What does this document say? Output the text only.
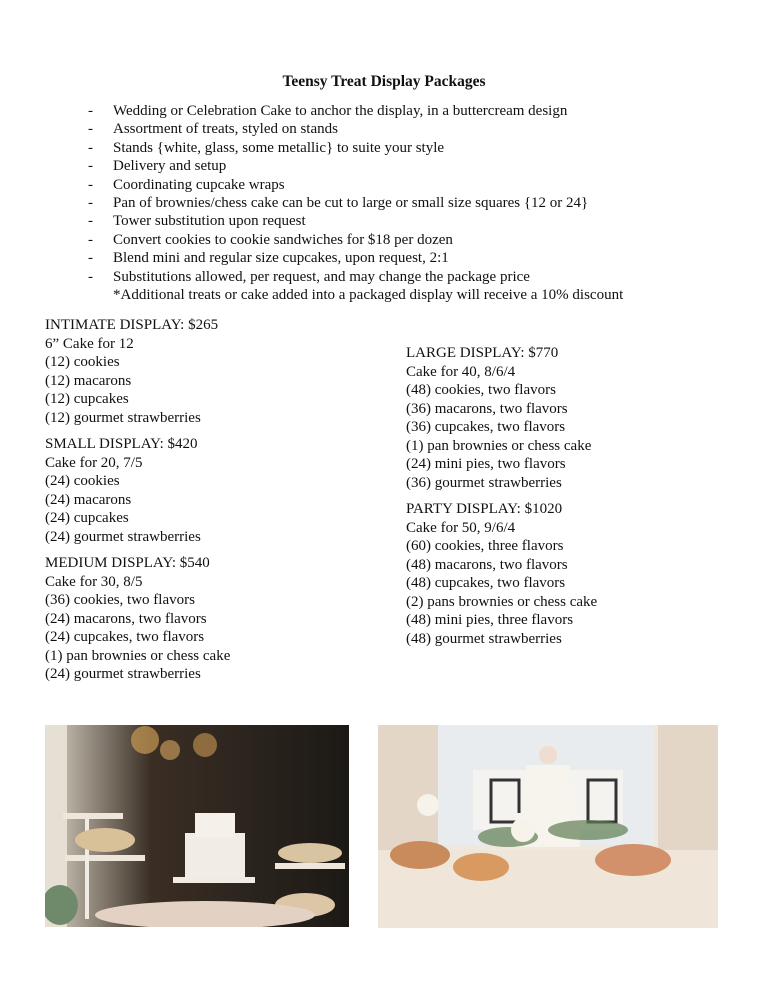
Teensy Treat Display Packages
- Wedding or Celebration Cake to anchor the display, in a buttercream design
- Assortment of treats, styled on stands
- Stands {white, glass, some metallic} to suite your style
- Delivery and setup
- Coordinating cupcake wraps
- Pan of brownies/chess cake can be cut to large or small size squares {12 or 24}
- Tower substitution upon request
- Convert cookies to cookie sandwiches for $18 per dozen
- Blend mini and regular size cupcakes, upon request, 2:1
- Substitutions allowed, per request, and may change the package price
*Additional treats or cake added into a packaged display will receive a 10% discount
INTIMATE DISPLAY: $265
6” Cake for 12
(12) cookies
(12) macarons
(12) cupcakes
(12) gourmet strawberries
SMALL DISPLAY: $420
Cake for 20, 7/5
(24) cookies
(24) macarons
(24) cupcakes
(24) gourmet strawberries
MEDIUM DISPLAY: $540
Cake for 30, 8/5
(36) cookies, two flavors
(24) macarons, two flavors
(24) cupcakes, two flavors
(1) pan brownies or chess cake
(24) gourmet strawberries
LARGE DISPLAY: $770
Cake for 40, 8/6/4
(48) cookies, two flavors
(36) macarons, two flavors
(36) cupcakes, two flavors
(1) pan brownies or chess cake
(24) mini pies, two flavors
(36) gourmet strawberries
PARTY DISPLAY: $1020
Cake for 50, 9/6/4
(60) cookies, three flavors
(48) macarons, two flavors
(48) cupcakes, two flavors
(2) pans brownies or chess cake
(48) mini pies, three flavors
(48) gourmet strawberries
